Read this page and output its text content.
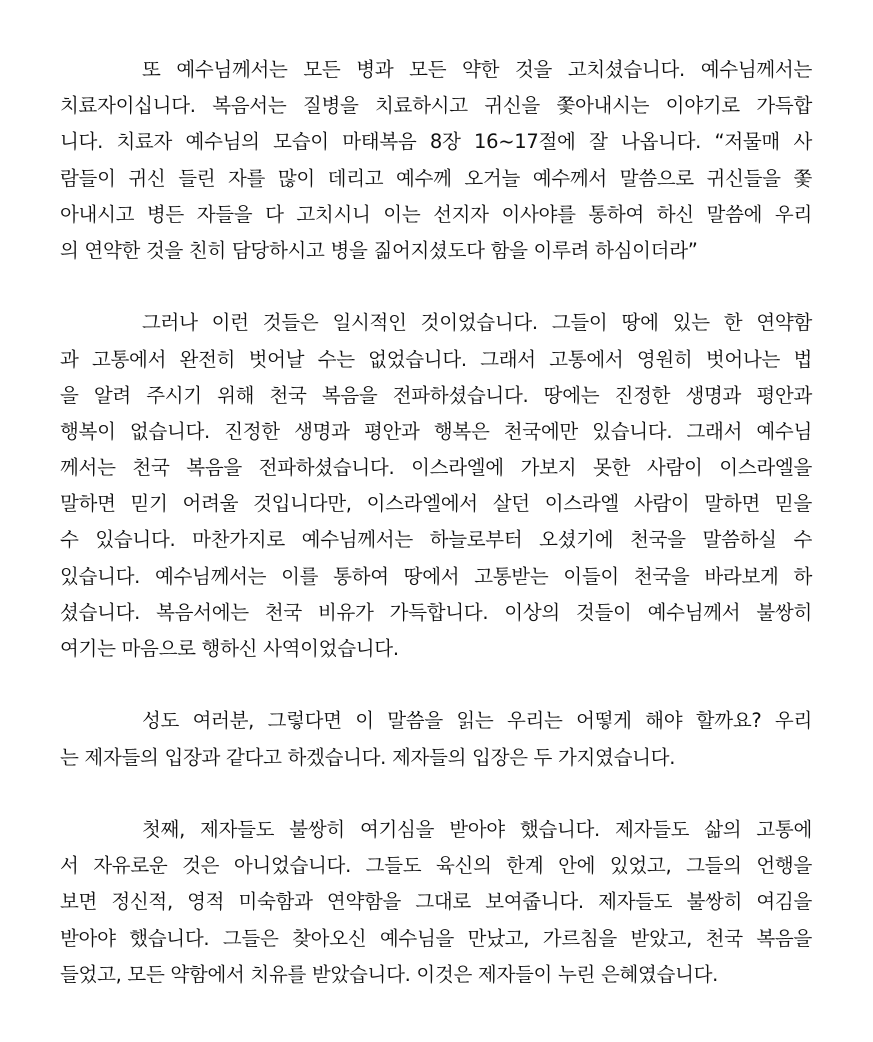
또 예수님께서는 모든 병과 모든 약한 것을 고치셨습니다. 예수님께서는
치료자이십니다. 복음서는 질병을 치료하시고 귀신을 쫓아내시는 이야기로 가득합
니다. 치료자 예수님의 모습이 마태복음 8장 16~17절에 잘 나옵니다. “저물매 사
람들이 귀신 들린 자를 많이 데리고 예수께 오거늘 예수께서 말씀으로 귀신들을 쫓
아내시고 병든 자들을 다 고치시니 이는 선지자 이사야를 통하여 하신 말씀에 우리
의 연약한 것을 친히 담당하시고 병을 짊어지셨도다 함을 이루려 하심이더라”
그러나 이런 것들은 일시적인 것이었습니다. 그들이 땅에 있는 한 연약함
과 고통에서 완전히 벗어날 수는 없었습니다. 그래서 고통에서 영원히 벗어나는 법
을 알려 주시기 위해 천국 복음을 전파하셨습니다. 땅에는 진정한 생명과 평안과
행복이 없습니다. 진정한 생명과 평안과 행복은 천국에만 있습니다. 그래서 예수님
께서는 천국 복음을 전파하셨습니다. 이스라엘에 가보지 못한 사람이 이스라엘을
말하면 믿기 어려울 것입니다만, 이스라엘에서 살던 이스라엘 사람이 말하면 믿을
수 있습니다. 마찬가지로 예수님께서는 하늘로부터 오셨기에 천국을 말씀하실 수
있습니다. 예수님께서는 이를 통하여 땅에서 고통받는 이들이 천국을 바라보게 하
셨습니다. 복음서에는 천국 비유가 가득합니다. 이상의 것들이 예수님께서 불쌍히
여기는 마음으로 행하신 사역이었습니다.
성도 여러분, 그렇다면 이 말씀을 읽는 우리는 어떻게 해야 할까요? 우리
는 제자들의 입장과 같다고 하겠습니다. 제자들의 입장은 두 가지였습니다.
첫째, 제자들도 불쌍히 여기심을 받아야 했습니다. 제자들도 삶의 고통에
서 자유로운 것은 아니었습니다. 그들도 육신의 한계 안에 있었고, 그들의 언행을
보면 정신적, 영적 미숙함과 연약함을 그대로 보여줍니다. 제자들도 불쌍히 여김을
받아야 했습니다. 그들은 찾아오신 예수님을 만났고, 가르침을 받았고, 천국 복음을
들었고, 모든 약함에서 치유를 받았습니다. 이것은 제자들이 누린 은혜였습니다.
